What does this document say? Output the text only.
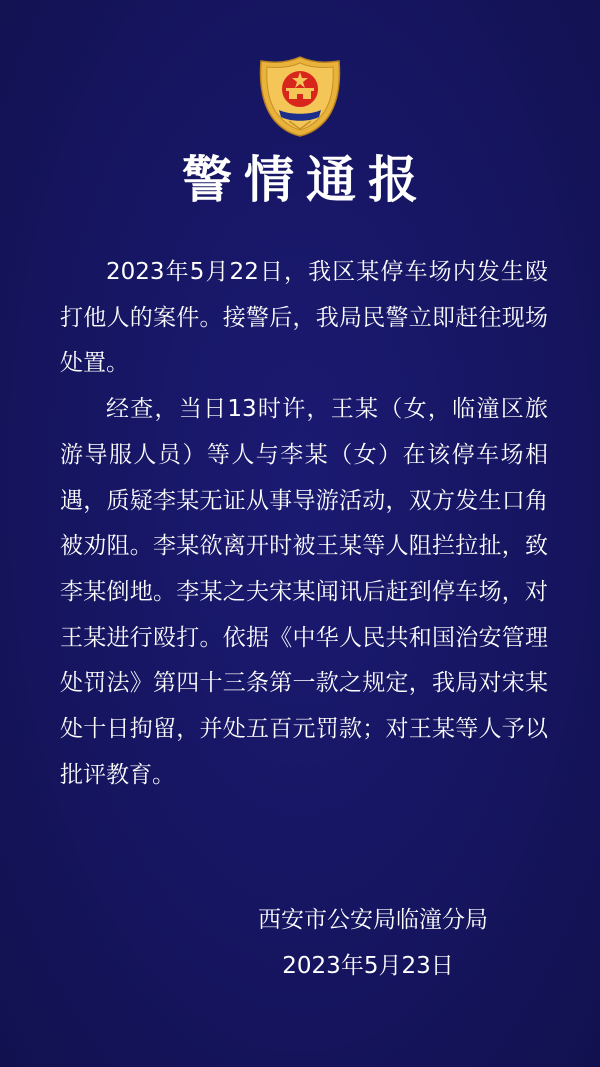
警情通报

2023年5月22日，我区某停车场内发生殴打他人的案件。接警后，我局民警立即赶往现场处置。

经查，当日13时许，王某（女，临潼区旅游导服人员）等人与李某（女）在该停车场相遇，质疑李某无证从事导游活动，双方发生口角被劝阻。李某欲离开时被王某等人阻拦拉扯，致李某倒地。李某之夫宋某闻讯后赶到停车场，对王某进行殴打。依据《中华人民共和国治安管理处罚法》第四十三条第一款之规定，我局对宋某处十日拘留，并处五百元罚款；对王某等人予以批评教育。

西安市公安局临潼分局
2023年5月23日
